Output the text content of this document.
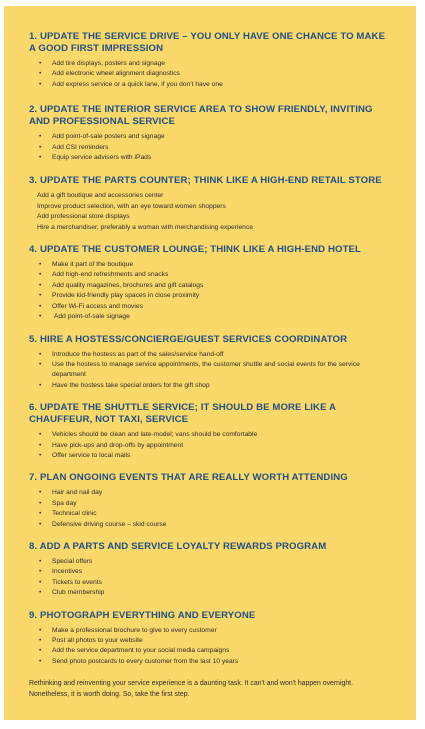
1. UPDATE THE SERVICE DRIVE – YOU ONLY HAVE ONE CHANCE TO MAKE A GOOD FIRST IMPRESSION
• Add tire displays, posters and signage
• Add electronic wheel alignment diagnostics
• Add express service or a quick lane, if you don't have one
2. UPDATE THE INTERIOR SERVICE AREA TO SHOW FRIENDLY, INVITING AND PROFESSIONAL SERVICE
• Add point-of-sale posters and signage
• Add CSI reminders
• Equip service advisers with iPads
3. UPDATE THE PARTS COUNTER; THINK LIKE A HIGH-END RETAIL STORE
Add a gift boutique and accessories center
Improve product selection, with an eye toward women shoppers
Add professional store displays
Hire a merchandiser, preferably a woman with merchandising experience
4. UPDATE THE CUSTOMER LOUNGE; THINK LIKE A HIGH-END HOTEL
• Make it part of the boutique
• Add high-end refreshments and snacks
• Add quality magazines, brochures and gift catalogs
• Provide kid-friendly play spaces in close proximity
• Offer Wi-Fi access and movies
• Add point-of-sale signage
5. HIRE A HOSTESS/CONCIERGE/GUEST SERVICES COORDINATOR
• Introduce the hostess as part of the sales/service hand-off
• Use the hostess to manage service appointments, the customer shuttle and social events for the service department
• Have the hostess take special orders for the gift shop
6. UPDATE THE SHUTTLE SERVICE; IT SHOULD BE MORE LIKE A CHAUFFEUR, NOT TAXI, SERVICE
• Vehicles should be clean and late-model; vans should be comfortable
• Have pick-ups and drop-offs by appointment
• Offer service to local malls
7. PLAN ONGOING EVENTS THAT ARE REALLY WORTH ATTENDING
• Hair and nail day
• Spa day
• Technical clinic
• Defensive driving course – skid course
8. ADD A PARTS AND SERVICE LOYALTY REWARDS PROGRAM
• Special offers
• Incentives
• Tickets to events
• Club membership
9. PHOTOGRAPH EVERYTHING AND EVERYONE
• Make a professional brochure to give to every customer
• Post all photos to your website
• Add the service department to your social media campaigns
• Send photo postcards to every customer from the last 10 years

Rethinking and reinventing your service experience is a daunting task. It can't and won't happen overnight. Nonetheless, it is worth doing. So, take the first step.
